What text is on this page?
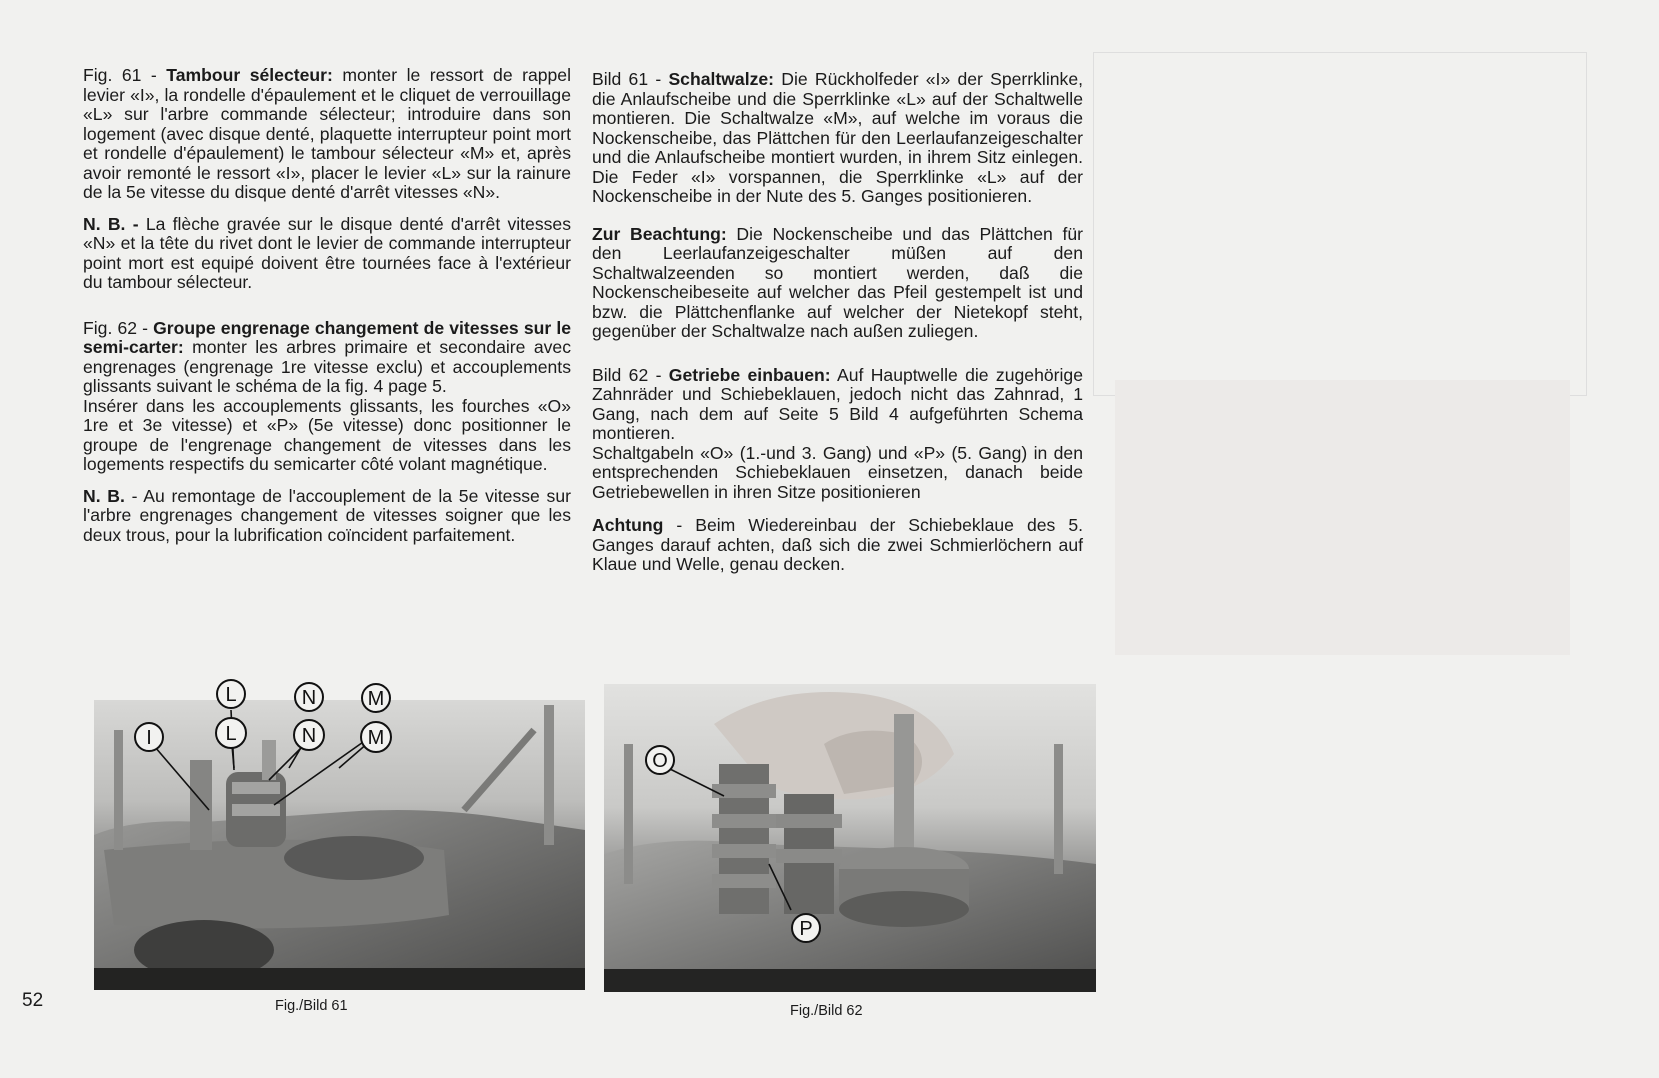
Fig. 61 - Tambour sélecteur: monter le ressort de rappel levier «I», la rondelle d'épaulement et le cliquet de verrouillage «L» sur l'arbre commande sélecteur; introduire dans son logement (avec disque denté, plaquette interrupteur point mort et rondelle d'épaulement) le tambour sélecteur «M» et, après avoir remonté le ressort «I», placer le levier «L» sur la rainure de la 5e vitesse du disque denté d'arrêt vitesses «N».

N. B. - La flèche gravée sur le disque denté d'arrêt vitesses «N» et la tête du rivet dont le levier de commande interrupteur point mort est equipé doivent être tournées face à l'extérieur du tambour sélecteur.

Fig. 62 - Groupe engrenage changement de vitesses sur le semi-carter: monter les arbres primaire et secondaire avec engrenages (engrenage 1re vitesse exclu) et accouplements glissants suivant le schéma de la fig. 4 page 5.

Insérer dans les accouplements glissants, les fourches «O» 1re et 3e vitesse) et «P» (5e vitesse) donc positionner le groupe de l'engrenage changement de vitesses dans les logements respectifs du semicarter côté volant magnétique.

N. B. - Au remontage de l'accouplement de la 5e vitesse sur l'arbre engrenages changement de vitesses soigner que les deux trous, pour la lubrification coïncident parfaitement.

Bild 61 - Schaltwalze: Die Rückholfeder «I» der Sperrklinke, die Anlaufscheibe und die Sperrklinke «L» auf der Schaltwelle montieren. Die Schaltwalze «M», auf welche im voraus die Nockenscheibe, das Plättchen für den Leerlaufanzeigeschalter und die Anlaufscheibe montiert wurden, in ihrem Sitz einlegen. Die Feder «I» vorspannen, die Sperrklinke «L» auf der Nockenscheibe in der Nute des 5. Ganges positionieren.

Zur Beachtung: Die Nockenscheibe und das Plättchen für den Leerlaufanzeigeschalter müßen auf den Schaltwalzeenden so montiert werden, daß die Nockenscheibeseite auf welcher das Pfeil gestempelt ist und bzw. die Plättchenflanke auf welcher der Nietekopf steht, gegenüber der Schaltwalze nach außen zuliegen.

Bild 62 - Getriebe einbauen: Auf Hauptwelle die zugehörige Zahnräder und Schiebeklauen, jedoch nicht das Zahnrad, 1 Gang, nach dem auf Seite 5 Bild 4 aufgeführten Schema montieren.

Schaltgabeln «O» (1.-und 3. Gang) und «P» (5. Gang) in den entsprechenden Schiebeklauen einsetzen, danach beide Getriebewellen in ihren Sitze positionieren

Achtung - Beim Wiedereinbau der Schiebeklaue des 5. Ganges darauf achten, daß sich die zwei Schmierlöchern auf Klaue und Welle, genau decken.

I
L	N	M
L	N	M
O
P
Fig./Bild 61	Fig./Bild 62
52
